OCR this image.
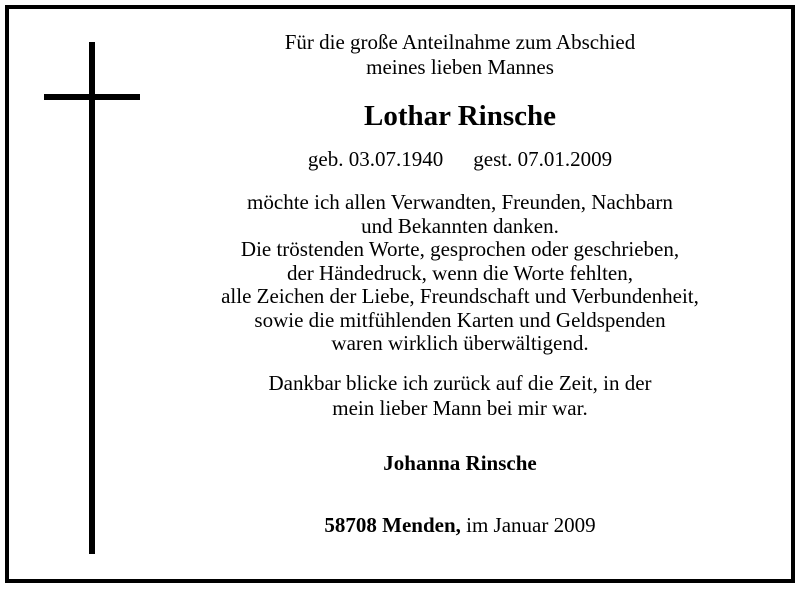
Für die große Anteilnahme zum Abschied
meines lieben Mannes
Lothar Rinsche
geb. 03.07.1940 gest. 07.01.2009
möchte ich allen Verwandten, Freunden, Nachbarn
und Bekannten danken.
Die tröstenden Worte, gesprochen oder geschrieben,
der Händedruck, wenn die Worte fehlten,
alle Zeichen der Liebe, Freundschaft und Verbundenheit,
sowie die mitfühlenden Karten und Geldspenden
waren wirklich überwältigend.
Dankbar blicke ich zurück auf die Zeit, in der
mein lieber Mann bei mir war.
Johanna Rinsche
58708 Menden, im Januar 2009
